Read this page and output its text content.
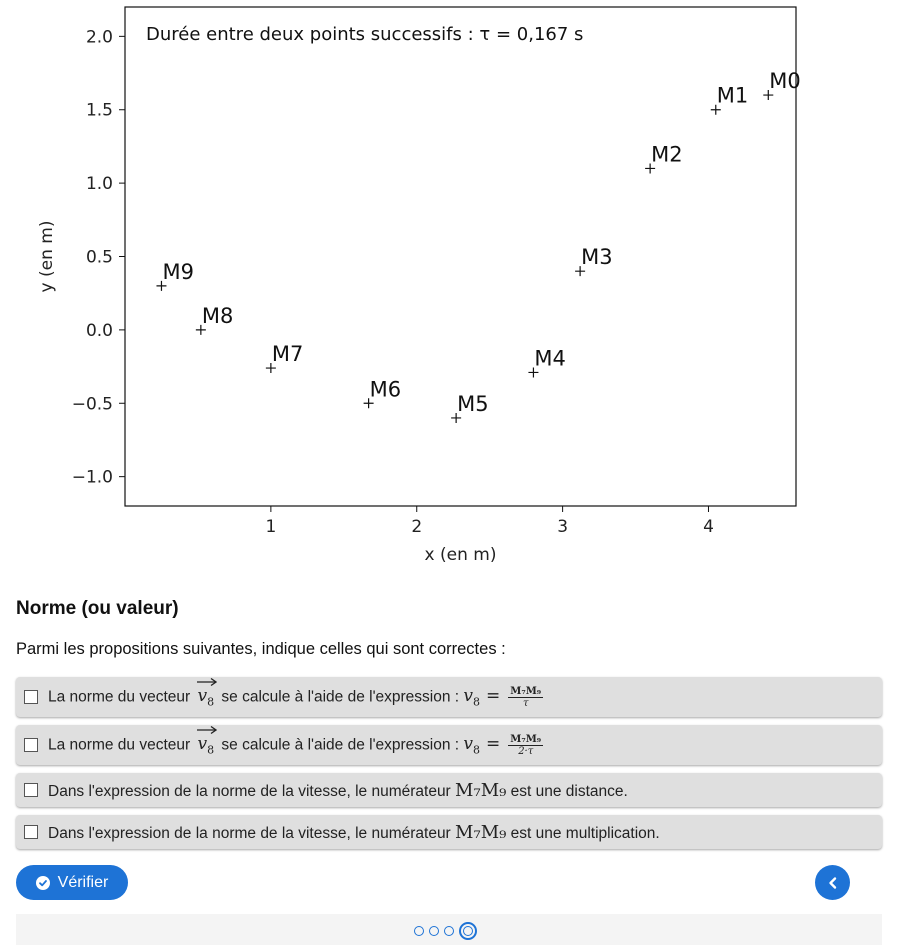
1	2	3	4
2.0
1.5
1.0
0.5
0.0
−0.5
−1.0
x (en m)
y (en m)
Durée entre deux points successifs : τ = 0,167 s
M0
M1
M2
M3
M4
M5
M6
M7
M8
M9
Norme (ou valeur)
Parmi les propositions suivantes, indique celles qui sont correctes :
La norme du vecteur $v_8$ se calcule à l'aide de l'expression : $v_8 = \frac{\text{M₇M₉}}{\tau}$
La norme du vecteur $v_8$ se calcule à l'aide de l'expression : $v_8 = \frac{\text{M₇M₉}}{2\cdot\tau}$
Dans l'expression de la norme de la vitesse, le numérateur M₇M₉ est une distance.
Dans l'expression de la norme de la vitesse, le numérateur M₇M₉ est une multiplication.
Vérifier
